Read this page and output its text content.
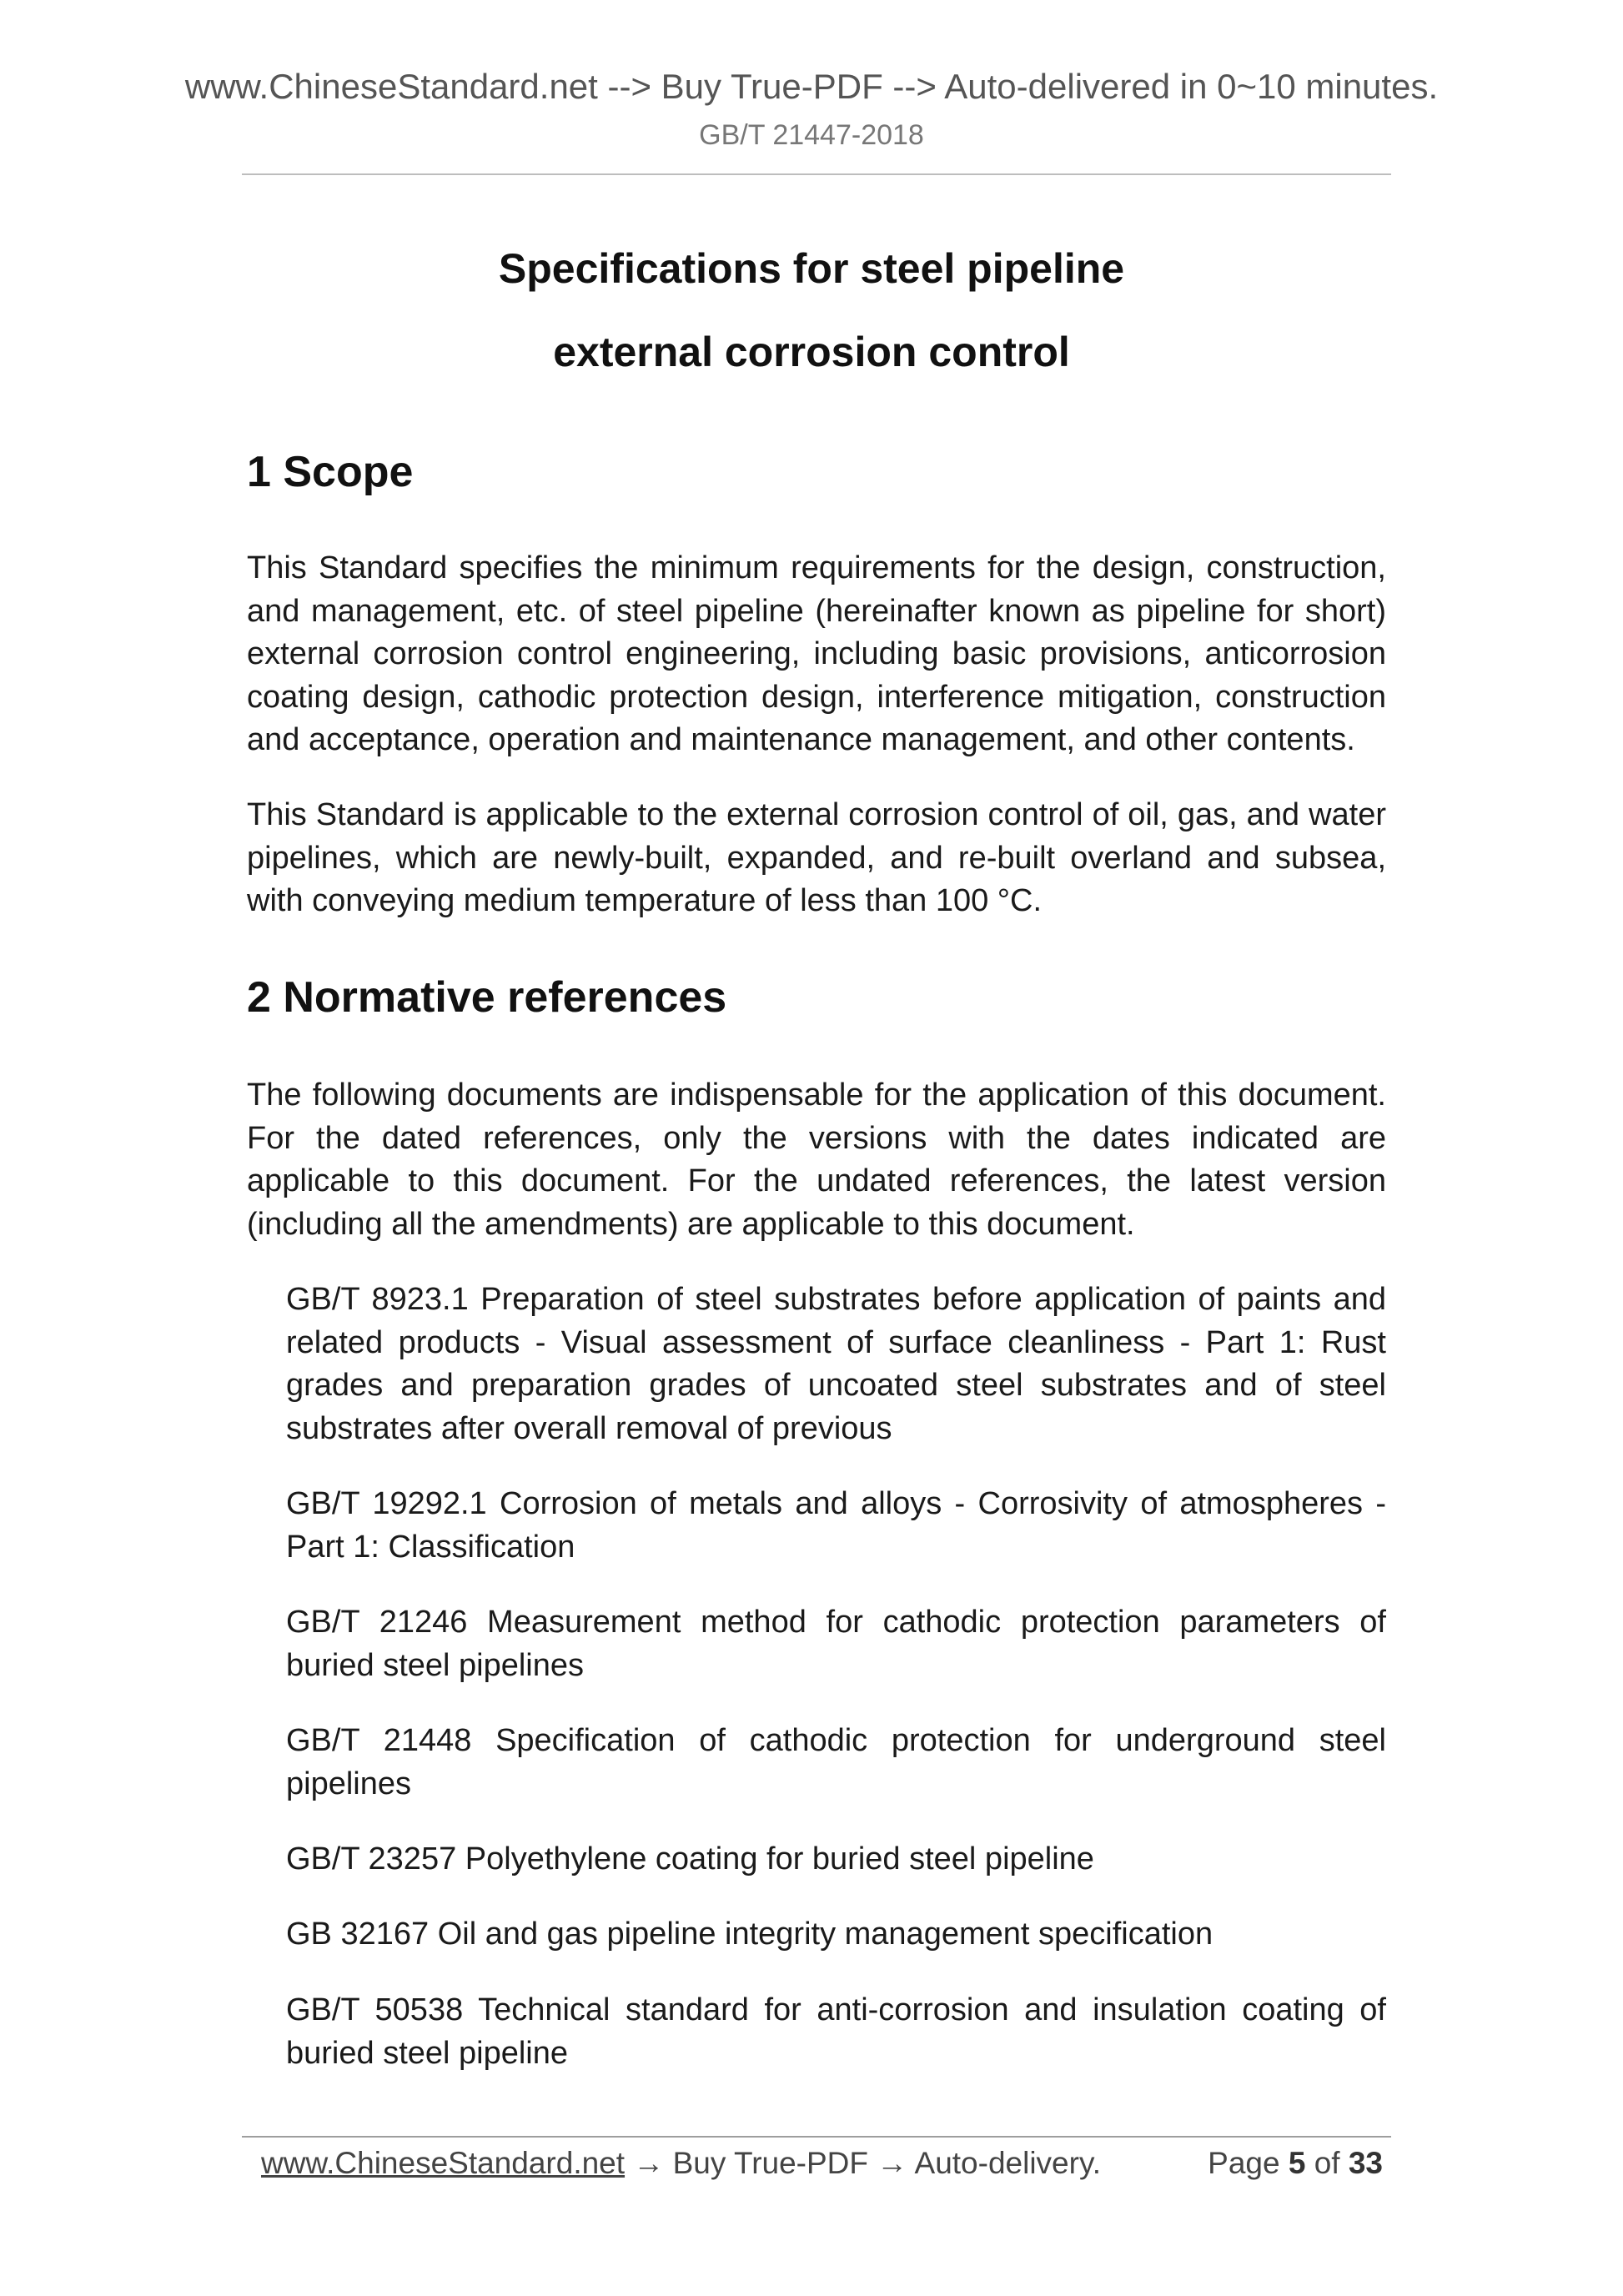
www.ChineseStandard.net --> Buy True-PDF --> Auto-delivered in 0~10 minutes.
GB/T 21447-2018
Specifications for steel pipeline
external corrosion control
1 Scope

This Standard specifies the minimum requirements for the design, construction, and management, etc. of steel pipeline (hereinafter known as pipeline for short) external corrosion control engineering, including basic provisions, anticorrosion coating design, cathodic protection design, interference mitigation, construction and acceptance, operation and maintenance management, and other contents.

This Standard is applicable to the external corrosion control of oil, gas, and water pipelines, which are newly-built, expanded, and re-built overland and subsea, with conveying medium temperature of less than 100 °C.

2 Normative references

The following documents are indispensable for the application of this document. For the dated references, only the versions with the dates indicated are applicable to this document. For the undated references, the latest version (including all the amendments) are applicable to this document.

GB/T 8923.1 Preparation of steel substrates before application of paints and related products - Visual assessment of surface cleanliness - Part 1: Rust grades and preparation grades of uncoated steel substrates and of steel substrates after overall removal of previous

GB/T 19292.1 Corrosion of metals and alloys - Corrosivity of atmospheres - Part 1: Classification

GB/T 21246 Measurement method for cathodic protection parameters of buried steel pipelines

GB/T 21448 Specification of cathodic protection for underground steel pipelines

GB/T 23257 Polyethylene coating for buried steel pipeline

GB 32167 Oil and gas pipeline integrity management specification

GB/T 50538 Technical standard for anti-corrosion and insulation coating of buried steel pipeline

www.ChineseStandard.net → Buy True-PDF → Auto-delivery.	Page 5 of 33
